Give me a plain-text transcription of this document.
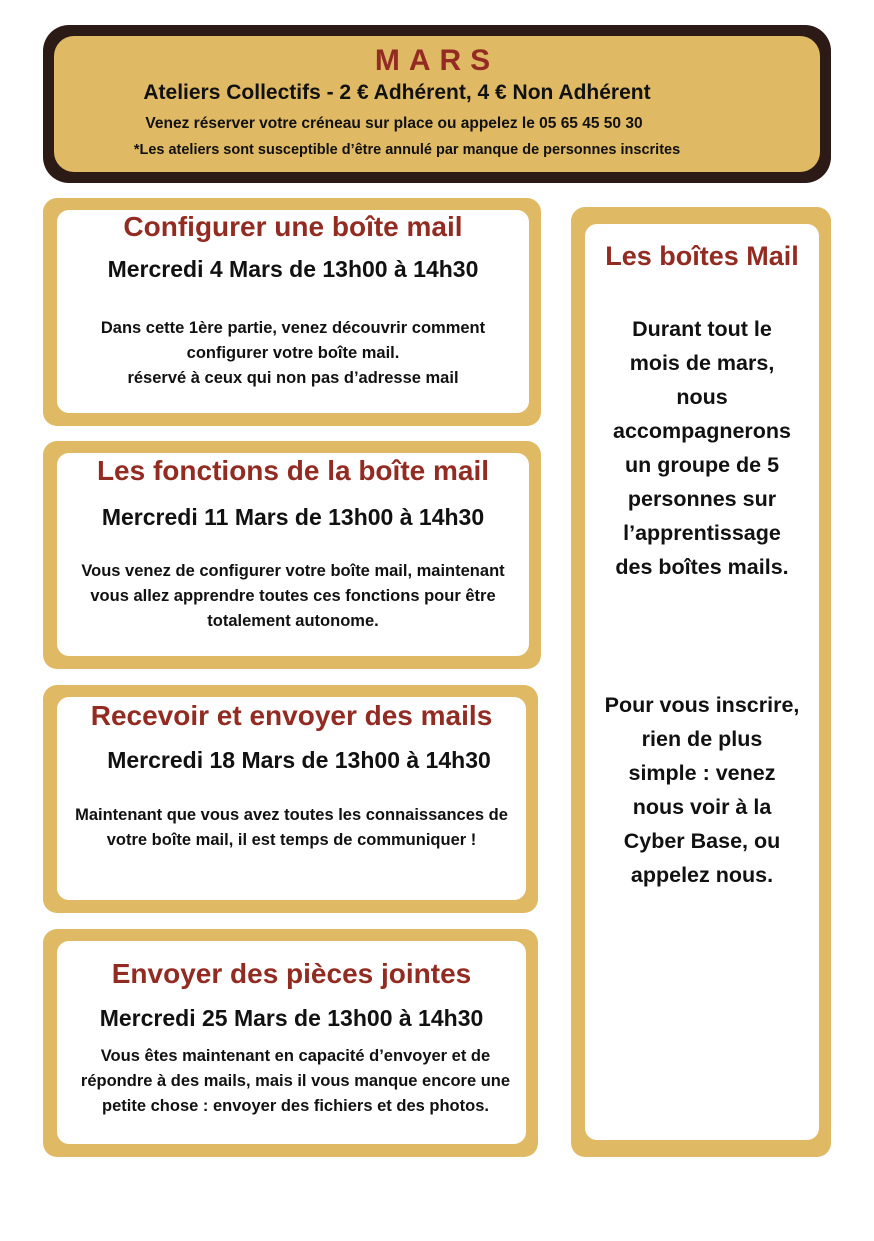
MARS
Ateliers Collectifs - 2 € Adhérent, 4 € Non Adhérent
Venez réserver votre créneau sur place ou appelez le 05 65 45 50 30
*Les ateliers sont susceptible d’être annulé par manque de personnes inscrites
Configurer une boîte mail
Mercredi 4 Mars de 13h00 à 14h30
Dans cette 1ère partie, venez découvrir comment
configurer votre boîte mail.
réservé à ceux qui non pas d’adresse mail
Les fonctions de la boîte mail
Mercredi 11 Mars de 13h00 à 14h30
Vous venez de configurer votre boîte mail, maintenant
vous allez apprendre toutes ces fonctions pour être
totalement autonome.
Recevoir et envoyer des mails
Mercredi 18 Mars de 13h00 à 14h30
Maintenant que vous avez toutes les connaissances de
votre boîte mail, il est temps de communiquer !
Envoyer des pièces jointes
Mercredi 25 Mars de 13h00 à 14h30
Vous êtes maintenant en capacité d’envoyer et de
répondre à des mails, mais il vous manque encore une
petite chose : envoyer des fichiers et des photos.
Les boîtes Mail
Durant tout le
mois de mars,
nous
accompagnerons
un groupe de 5
personnes sur
l’apprentissage
des boîtes mails.
Pour vous inscrire,
rien de plus
simple : venez
nous voir à la
Cyber Base, ou
appelez nous.
